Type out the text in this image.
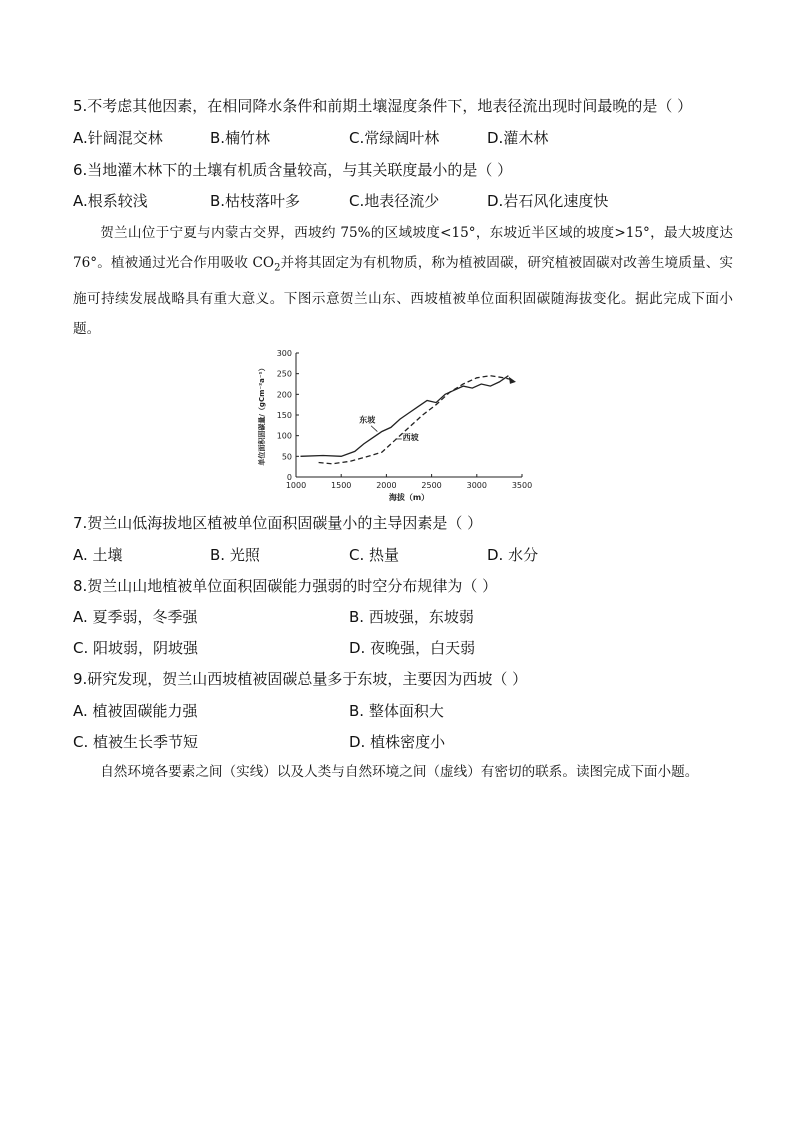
5.不考虑其他因素，在相同降水条件和前期土壤湿度条件下，地表径流出现时间最晚的是（ ）
A.针阔混交林	B.楠竹林	C.常绿阔叶林	D.灌木林
6.当地灌木林下的土壤有机质含量较高，与其关联度最小的是（ ）
A.根系较浅	B.枯枝落叶多	C.地表径流少	D.岩石风化速度快

贺兰山位于宁夏与内蒙古交界，西坡约 75%的区域坡度<15°，东坡近半区域的坡度>15°，最大坡度达 76°。植被通过光合作用吸收 $CO_2$并将其固定为有机物质，称为植被固碳，研究植被固碳对改善生境质量、实施可持续发展战略具有重大意义。下图示意贺兰山东、西坡植被单位面积固碳随海拔变化。据此完成下面小题。

0
50
100
150
200
250
300
1000	1500	2000	2500	3000	3500
海拔（m）
单位面积固碳量/（gCm⁻²a⁻¹）	东坡
西坡
7.贺兰山低海拔地区植被单位面积固碳量小的主导因素是（ ）
A. 土壤	B. 光照	C. 热量	D. 水分
8.贺兰山山地植被单位面积固碳能力强弱的时空分布规律为（ ）
A. 夏季弱，冬季强	B. 西坡强，东坡弱
C. 阳坡弱，阴坡强	D. 夜晚强，白天弱
9.研究发现，贺兰山西坡植被固碳总量多于东坡，主要因为西坡（ ）
A. 植被固碳能力强	B. 整体面积大
C. 植被生长季节短	D. 植株密度小

自然环境各要素之间（实线）以及人类与自然环境之间（虚线）有密切的联系。读图完成下面小题。
